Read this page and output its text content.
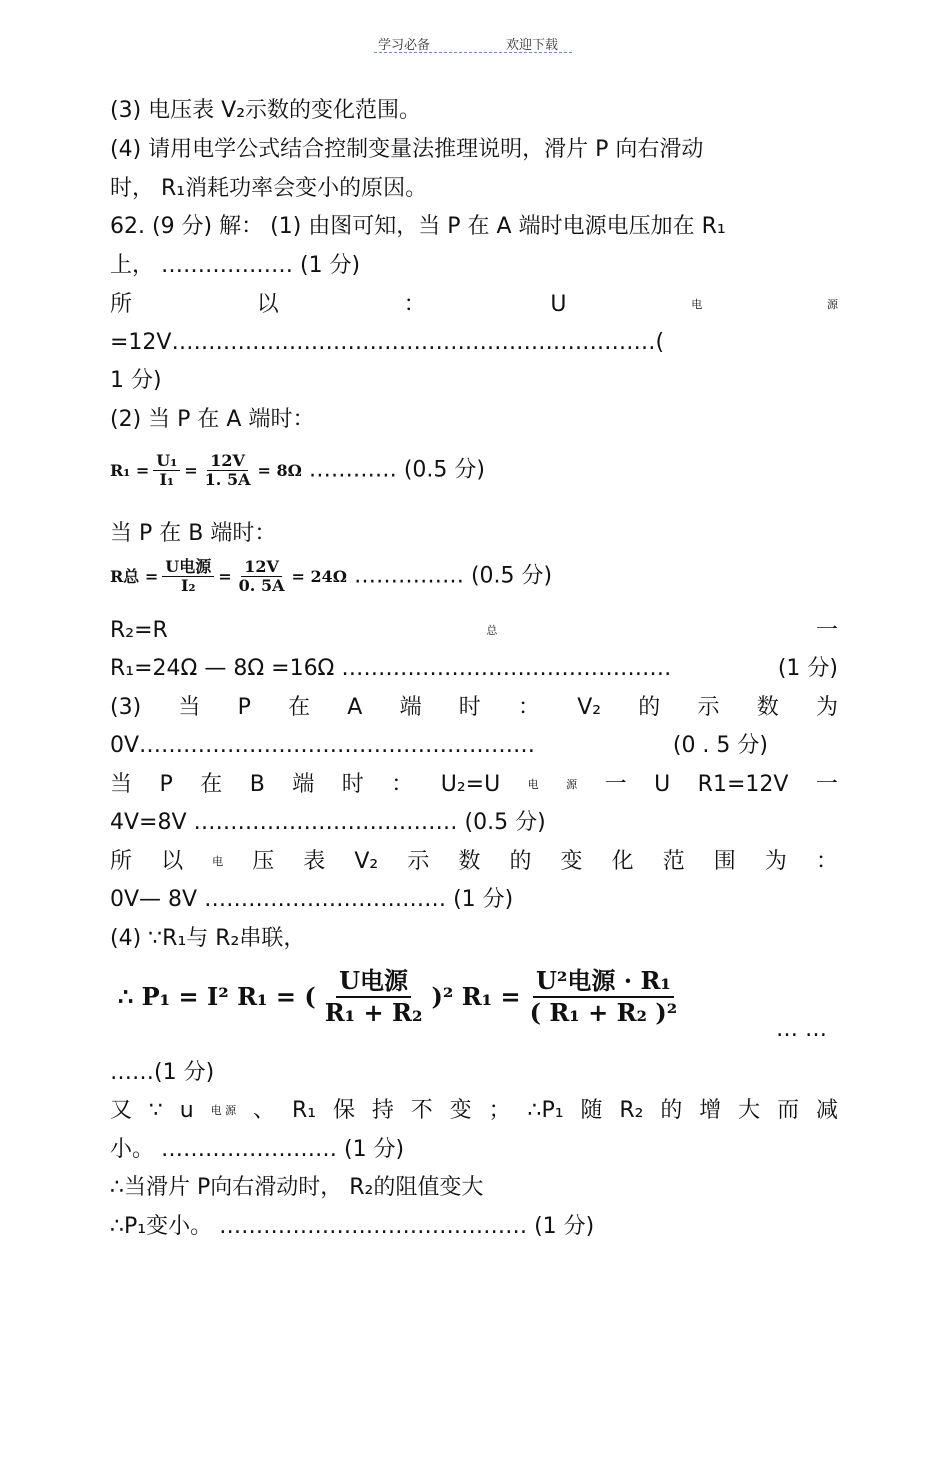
学习必备	欢迎下载
(3) 电压表 V₂示数的变化范围。
(4) 请用电学公式结合控制变量法推理说明，滑片 P 向右滑动
时， R₁消耗功率会变小的原因。
62. (9 分) 解： (1) 由图可知，当 P 在 A 端时电源电压加在 R₁
上， ……………… (1 分)
所	以	：	U	电	源
=12V…………………………………………………………(
1 分)
(2) 当 P 在 A 端时：
$R_1 = \frac{\text{U₁}}{\text{I₁}} = \frac{12V}{1. 5A} = 8\Omega$ ………… (0.5 分)
当 P 在 B 端时：
R总 = $\frac{\text{U电源}}{\text{I₂}} = \frac{12V}{0. 5A} = 24\Omega$ …………… (0.5 分)
R₂=R	总	一
R₁=24Ω — 8Ω =16Ω ………………………………………	(1 分)
(3) 当 P 在 A 端 时 ： V₂ 的 示 数 为
0V………………………………………………	(0 . 5 分)
当 P 在 B 端 时 ： U₂=U 电 源 一 U R1=12V 一
4V=8V ……………………………… (0.5 分)
所 以	电 压 表 V₂ 示 数 的 变 化 范 围 为 ：
0V— 8V …………………………… (1 分)
(4) ∵R₁与 R₂串联，
∴ P₁ = I² R₁ = ( $\frac{\text{U电源}}{\text{R₁ + R₂}} )^2$ $R_1 = \frac{\text{U²电源 · R₁}}{\text{( R₁ + R₂ )²}}$
… …
……(1 分)
又 ∵ u 电 源 、 R₁ 保 持 不 变 ； ∴P₁ 随 R₂ 的 增 大 而 减
小。 …………………… (1 分)
∴当滑片 P向右滑动时， R₂的阻值变大
∴P₁变小。 …………………………………… (1 分)
